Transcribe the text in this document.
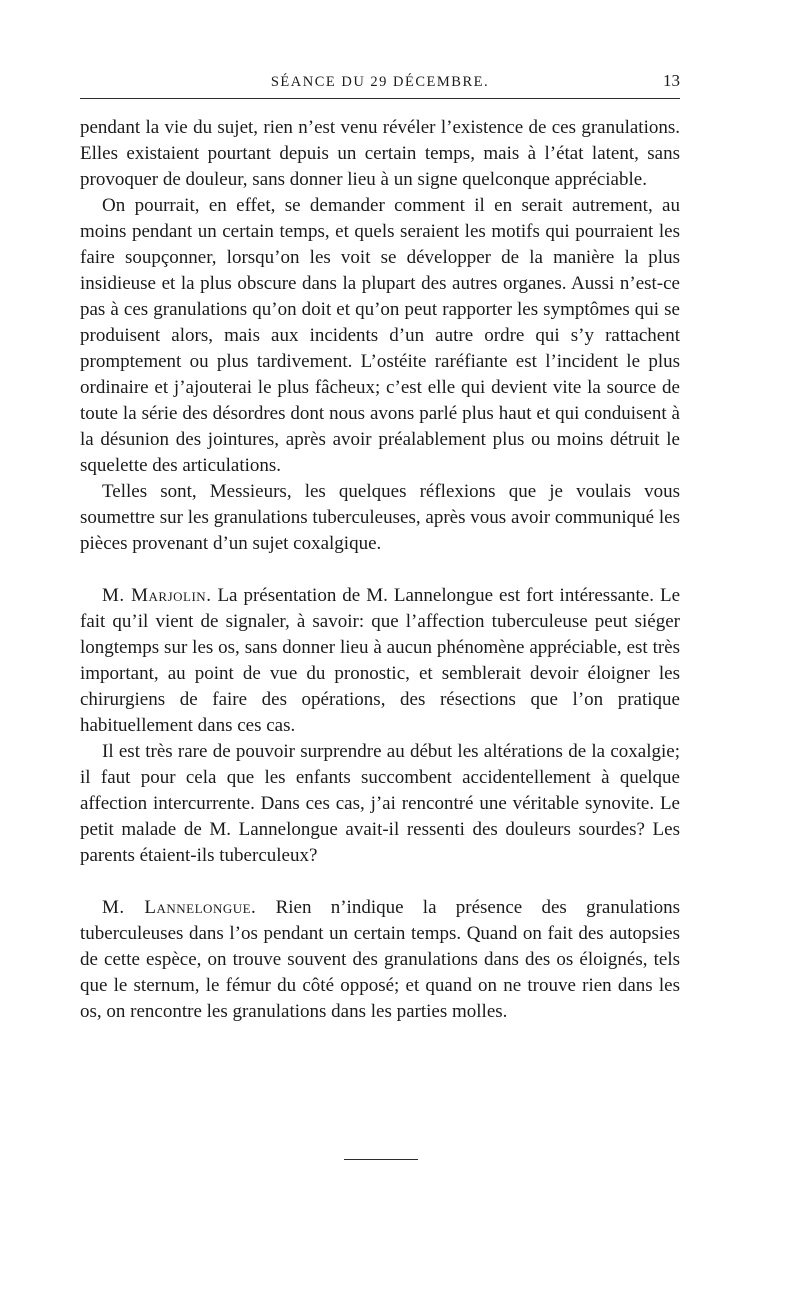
SÉANCE DU 29 DÉCEMBRE.	13

pendant la vie du sujet, rien n’est venu révéler l’existence de ces granulations. Elles existaient pourtant depuis un certain temps, mais à l’état latent, sans provoquer de douleur, sans donner lieu à un signe quelconque appréciable.

On pourrait, en effet, se demander comment il en serait autrement, au moins pendant un certain temps, et quels seraient les motifs qui pourraient les faire soupçonner, lorsqu’on les voit se développer de la manière la plus insidieuse et la plus obscure dans la plupart des autres organes. Aussi n’est-ce pas à ces granulations qu’on doit et qu’on peut rapporter les symptômes qui se produisent alors, mais aux incidents d’un autre ordre qui s’y rattachent promptement ou plus tardivement. L’ostéite raréfiante est l’incident le plus ordinaire et j’ajouterai le plus fâcheux; c’est elle qui devient vite la source de toute la série des désordres dont nous avons parlé plus haut et qui conduisent à la désunion des jointures, après avoir préalablement plus ou moins détruit le squelette des articulations.

Telles sont, Messieurs, les quelques réflexions que je voulais vous soumettre sur les granulations tuberculeuses, après vous avoir communiqué les pièces provenant d’un sujet coxalgique.

M. Marjolin. La présentation de M. Lannelongue est fort intéressante. Le fait qu’il vient de signaler, à savoir: que l’affection tuberculeuse peut siéger longtemps sur les os, sans donner lieu à aucun phénomène appréciable, est très important, au point de vue du pronostic, et semblerait devoir éloigner les chirurgiens de faire des opérations, des résections que l’on pratique habituellement dans ces cas.

Il est très rare de pouvoir surprendre au début les altérations de la coxalgie; il faut pour cela que les enfants succombent accidentellement à quelque affection intercurrente. Dans ces cas, j’ai rencontré une véritable synovite. Le petit malade de M. Lannelongue avait-il ressenti des douleurs sourdes? Les parents étaient-ils tuberculeux?

M. Lannelongue. Rien n’indique la présence des granulations tuberculeuses dans l’os pendant un certain temps. Quand on fait des autopsies de cette espèce, on trouve souvent des granulations dans des os éloignés, tels que le sternum, le fémur du côté opposé; et quand on ne trouve rien dans les os, on rencontre les granulations dans les parties molles.
